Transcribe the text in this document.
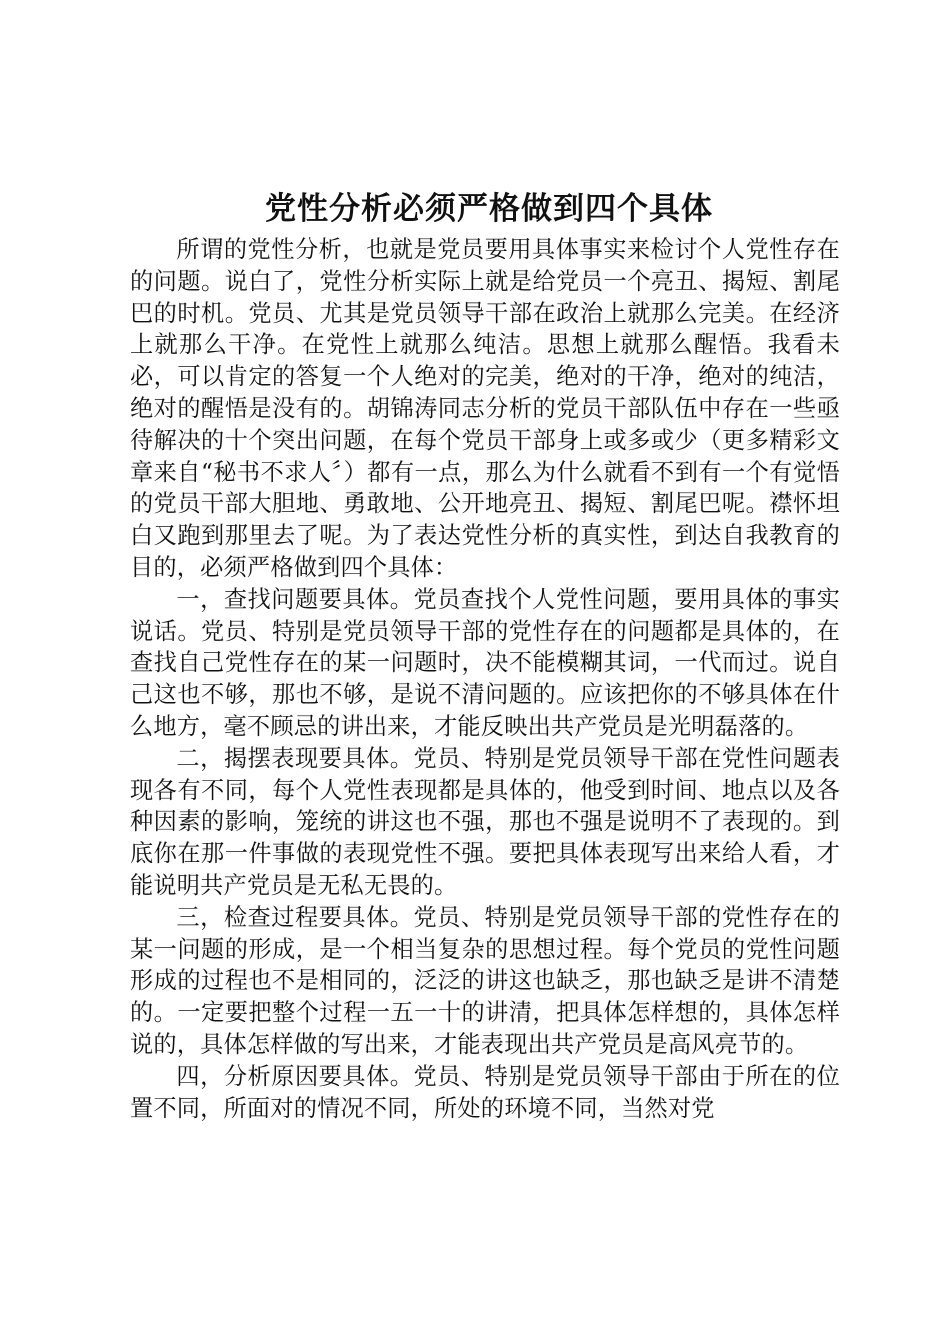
党性分析必须严格做到四个具体

所谓的党性分析，也就是党员要用具体事实来检讨个人党性存在的问题。说白了，党性分析实际上就是给党员一个亮丑、揭短、割尾巴的时机。党员、尤其是党员领导干部在政治上就那么完美。在经济上就那么干净。在党性上就那么纯洁。思想上就那么醒悟。我看未必，可以肯定的答复一个人绝对的完美，绝对的干净，绝对的纯洁，绝对的醒悟是没有的。胡锦涛同志分析的党员干部队伍中存在一些亟待解决的十个突出问题，在每个党员干部身上或多或少（更多精彩文章来自“秘书不求人〞）都有一点，那么为什么就看不到有一个有觉悟的党员干部大胆地、勇敢地、公开地亮丑、揭短、割尾巴呢。襟怀坦白又跑到那里去了呢。为了表达党性分析的真实性，到达自我教育的目的，必须严格做到四个具体：

一，查找问题要具体。党员查找个人党性问题，要用具体的事实说话。党员、特别是党员领导干部的党性存在的问题都是具体的，在查找自己党性存在的某一问题时，决不能模糊其词，一代而过。说自己这也不够，那也不够，是说不清问题的。应该把你的不够具体在什么地方，毫不顾忌的讲出来，才能反映出共产党员是光明磊落的。

二，揭摆表现要具体。党员、特别是党员领导干部在党性问题表现各有不同，每个人党性表现都是具体的，他受到时间、地点以及各种因素的影响，笼统的讲这也不强，那也不强是说明不了表现的。到底你在那一件事做的表现党性不强。要把具体表现写出来给人看，才能说明共产党员是无私无畏的。

三，检查过程要具体。党员、特别是党员领导干部的党性存在的某一问题的形成，是一个相当复杂的思想过程。每个党员的党性问题形成的过程也不是相同的，泛泛的讲这也缺乏，那也缺乏是讲不清楚的。一定要把整个过程一五一十的讲清，把具体怎样想的，具体怎样说的，具体怎样做的写出来，才能表现出共产党员是高风亮节的。

四，分析原因要具体。党员、特别是党员领导干部由于所在的位置不同，所面对的情况不同，所处的环境不同，当然对党
